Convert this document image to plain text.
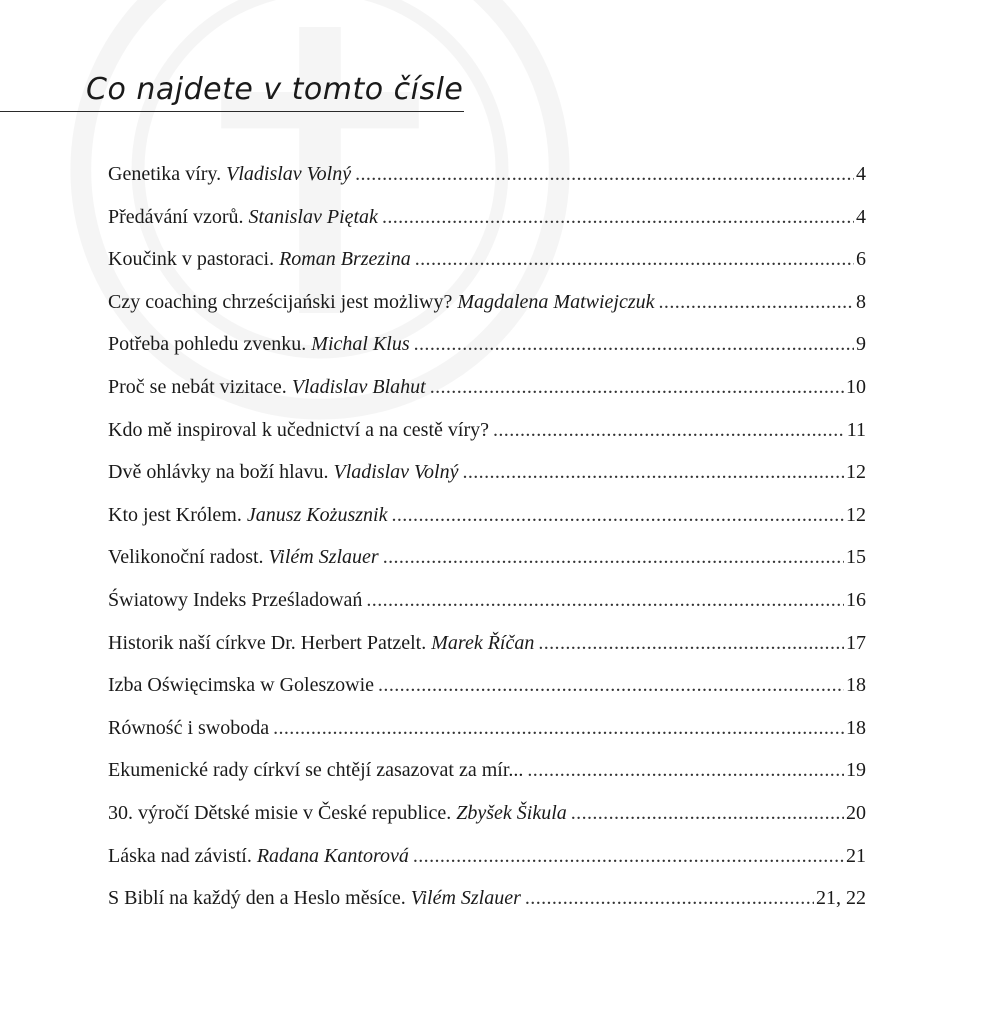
Co najdete v tomto čísle
Genetika víry. Vladislav Volný .....	4
Předávání vzorů. Stanislav Piętak .....	4
Koučink v pastoraci. Roman Brzezina .....	6
Czy coaching chrześcijański jest możliwy? Magdalena Matwiejczuk .....	8
Potřeba pohledu zvenku. Michal Klus .....	9
Proč se nebát vizitace. Vladislav Blahut .....	10
Kdo mě inspiroval k učednictví a na cestě víry? .....	11
Dvě ohlávky na boží hlavu. Vladislav Volný .....	12
Kto jest Królem. Janusz Kożusznik .....	12
Velikonoční radost. Vilém Szlauer .....	15
Światowy Indeks Prześladowań .....	16
Historik naší církve Dr. Herbert Patzelt. Marek Říčan .....	17
Izba Oświęcimska w Goleszowie .....	18
Równość i swoboda .....	18
Ekumenické rady církví se chtějí zasazovat za mír... .....	19
30. výročí Dětské misie v České republice. Zbyšek Šikula .....	20
Láska nad závistí. Radana Kantorová .....	21
S Biblí na každý den a Heslo měsíce. Vilém Szlauer .....	21, 22
